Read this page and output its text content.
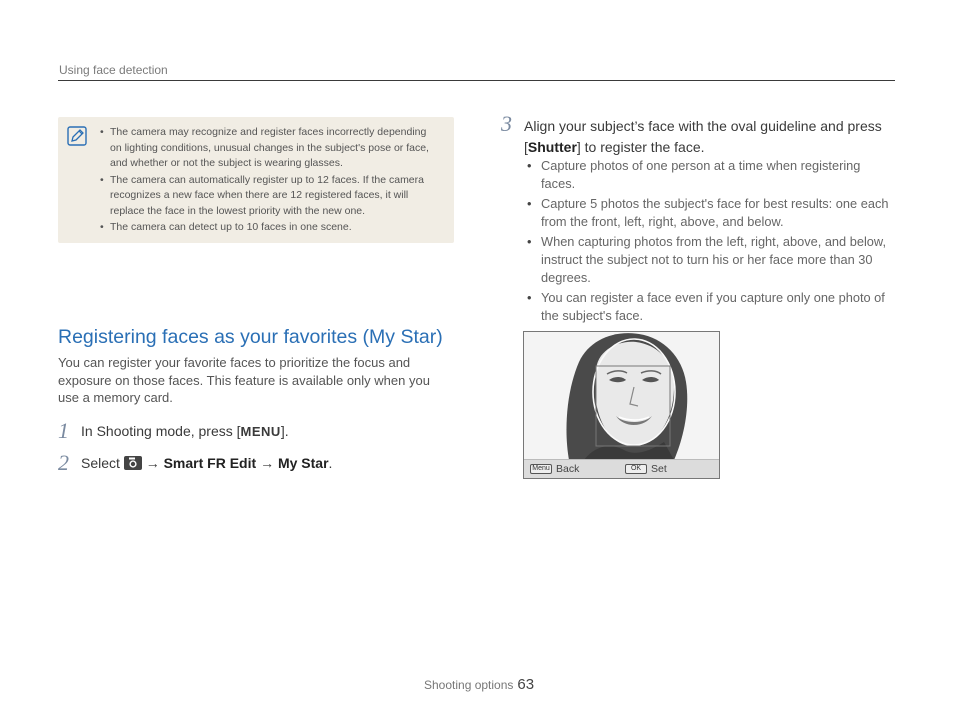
Using face detection
• The camera may recognize and register faces incorrectly depending on lighting conditions, unusual changes in the subject's pose or face, and whether or not the subject is wearing glasses.
• The camera can automatically register up to 12 faces. If the camera recognizes a new face when there are 12 registered faces, it will replace the face in the lowest priority with the new one.
• The camera can detect up to 10 faces in one scene.
Registering faces as your favorites (My Star)

You can register your favorite faces to prioritize the focus and exposure on those faces. This feature is available only when you use a memory card.

1 In Shooting mode, press [MENU].
2 Select → Smart FR Edit → My Star.
3 Align your subject’s face with the oval guideline and press [Shutter] to register the face.
• Capture photos of one person at a time when registering faces.
• Capture 5 photos the subject's face for best results: one each from the front, left, right, above, and below.
• When capturing photos from the left, right, above, and below, instruct the subject not to turn his or her face more than 30 degrees.
• You can register a face even if you capture only one photo of the subject's face.
Menu Back	OK Set
Shooting options 63
